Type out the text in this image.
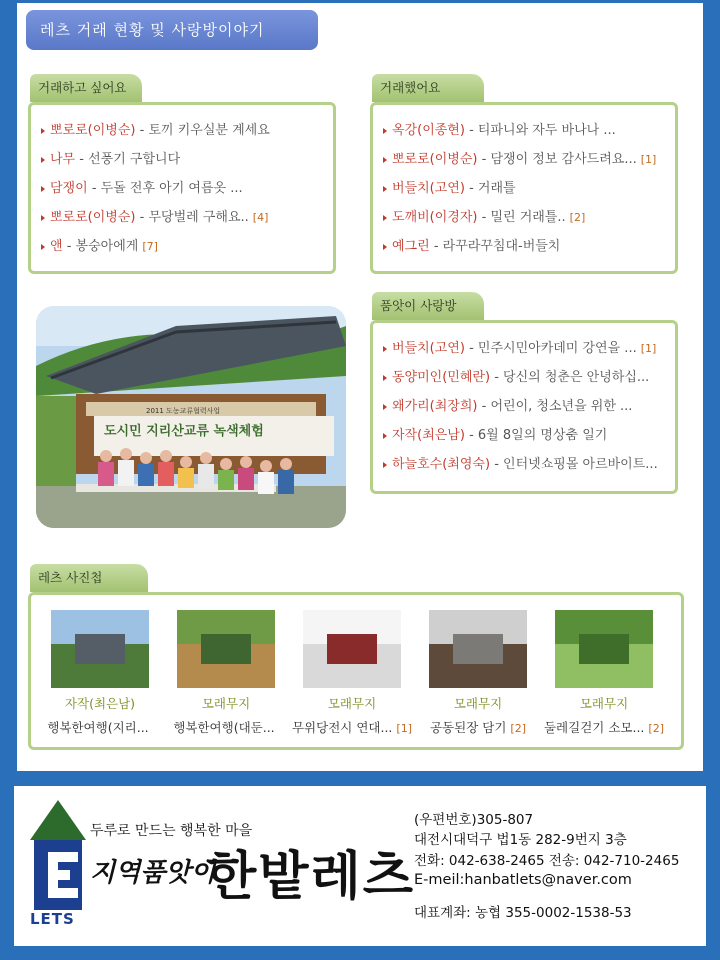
레츠 거래 현황 및 사랑방이야기
뽀로로(이병순) - 토끼 키우실분 계세요
나무 - 선풍기 구합니다
담쟁이 - 두돌 전후 아기 여름옷 ...
뽀로로(이병순) - 무당벌레 구해요.. [4]
앤 - 봉숭아에게 [7]
거래하고 싶어요
옥강(이종현) - 티파니와 자두 바나나 ...
뽀로로(이병순) - 담쟁이 정보 감사드려요... [1]
버들치(고연) - 거래틀
도깨비(이경자) - 밀린 거래틀.. [2]
예그린 - 라꾸라꾸침대-버들치
거래했어요
버들치(고연) - 민주시민아카데미 강연을 ... [1]
동양미인(민혜란) - 당신의 청춘은 안녕하십...
왜가리(최장희) - 어린이, 청소년을 위한 ...
자작(최은남) - 6월 8일의 명상춤 일기
하늘호수(최영숙) - 인터넷쇼핑몰 아르바이트...
품앗이 사랑방
2011 도농교류협력사업
도시민 지리산교류 녹색체험
레츠 사진첩
자작(최은남)
행복한여행(지리...
모래무지
행복한여행(대둔...
모래무지
무위당전시 연대... [1]
모래무지
공동된장 담기 [2]
모래무지
둘레길걷기 소모... [2]
LETS
두루로 만드는 행복한 마을
지역품앗이
한밭레츠
(우편번호)305-807
대전시대덕구 법1동 282-9번지 3층
전화: 042-638-2465 전송: 042-710-2465
E-meil:hanbatlets@naver.com
대표계좌: 농협 355-0002-1538-53
